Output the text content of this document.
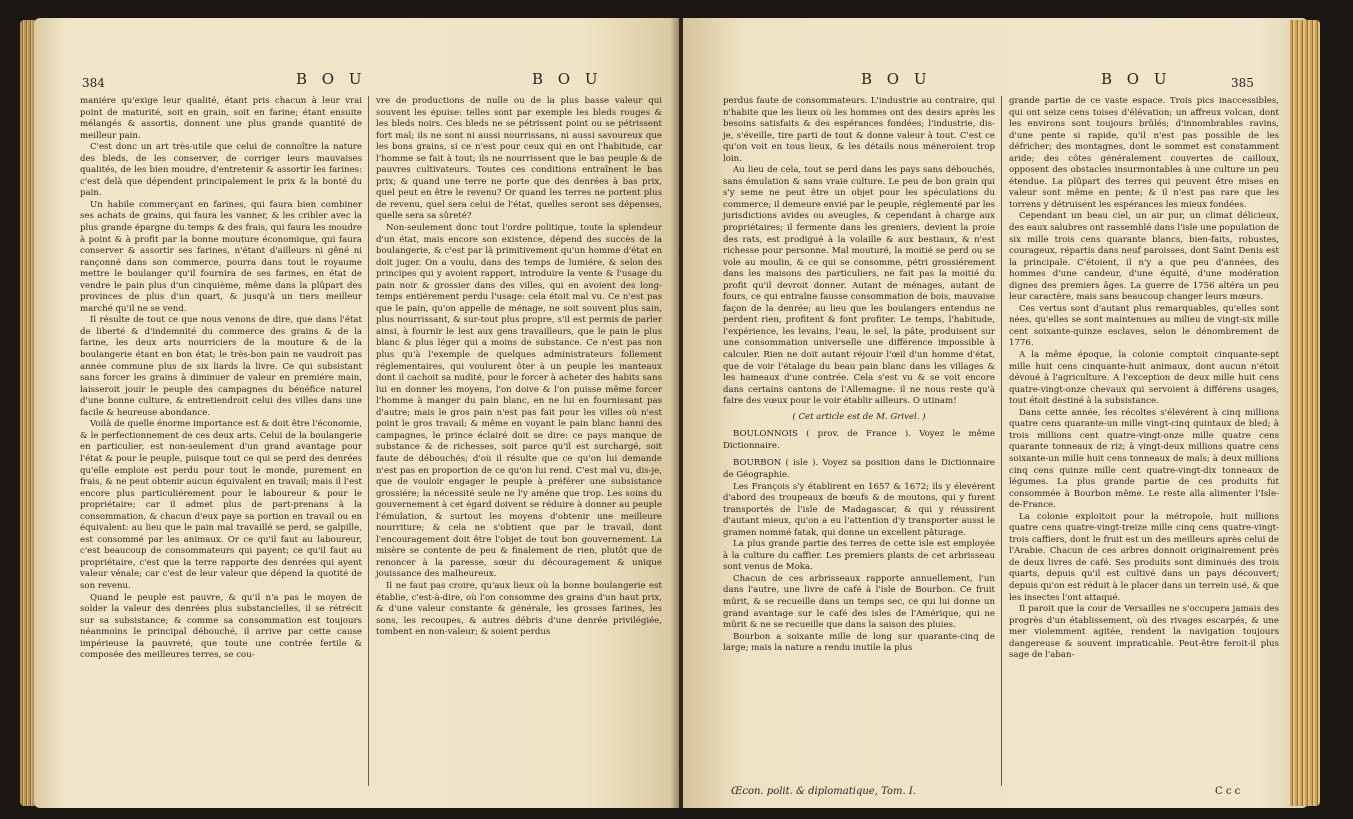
384	B O U	B O U

maniére qu'exige leur qualité, étant pris chacun à leur vrai point de maturité, soit en grain, soit en farine; étant ensuite mélangés & assortis, donnent une plus grande quantité de meilleur pain.

C'est donc un art très-utile que celui de connoître la nature des bleds, de les conserver, de corriger leurs mauvaises qualités, de les bien moudre, d'entretenir & assortir les farines: c'est delà que dépendent principalement le prix & la bonté du pain.

Un habile commerçant en farines, qui faura bien combiner ses achats de grains, qui faura les vanner, & les cribler avec la plus grande épargne du temps & des frais, qui faura les moudre à point & à profit par la bonne mouture économique, qui faura conserver & assortir ses farines, n'étant d'ailleurs ni gêné ni rançonné dans son commerce, pourra dans tout le royaume mettre le boulanger qu'il fournira de ses farines, en état de vendre le pain plus d'un cinquième, même dans la plûpart des provinces de plus d'un quart, & jusqu'à un tiers meilleur marché qu'il ne se vend.

Il résulte de tout ce que nous venons de dire, que dans l'état de liberté & d'indemnité du commerce des grains & de la farine, les deux arts nourriciers de la mouture & de la boulangerie étant en bon état; le très-bon pain ne vaudroit pas année commune plus de six liards la livre. Ce qui subsistant sans forcer les grains à diminuer de valeur en premiére main, laisseroit jouir le peuple des campagnes du bénéfice naturel d'une bonne culture, & entretiendroit celui des villes dans une facile & heureuse abondance.

Voilà de quelle énorme importance est & doit être l'économie, & le perfectionnement de ces deux arts. Celui de la boulangerie en particulier, est non-seulement d'un grand avantage pour l'état & pour le peuple, puisque tout ce qui se perd des denrées qu'elle emploie est perdu pour tout le monde, purement en frais, & ne peut obtenir aucun équivalent en travail; mais il l'est encore plus particuliérement pour le laboureur & pour le propriétaire; car il admet plus de part-prenans à la consommation, & chacun d'eux paye sa portion en travail ou en équivalent: au lieu que le pain mal travaillé se perd, se galpille, est consommé par les animaux. Or ce qu'il faut au laboureur, c'est beaucoup de consommateurs qui payent; ce qu'il faut au propriétaire, c'est que la terre rapporte des denrées qui ayent valeur vénale; car c'est de leur valeur que dépend la quotité de son revenu.

Quand le peuple est pauvre, & qu'il n'a pas le moyen de solder la valeur des denrées plus substancielles, il se rétrécit sur sa subsistance; & comme sa consommation est toujours néanmoins le principal débouché, il arrive par cette cause impérieuse la pauvreté, que toute une contrée fertile & composée des meilleures terres, se cou-

vre de productions de nulle ou de la plus basse valeur qui souvent les épuise: telles sont par exemple les bleds rouges & les bleds noirs. Ces bleds ne se pétrissent point ou se pétrissent fort mal; ils ne sont ni aussi nourrissans, ni aussi savoureux que les bons grains, si ce n'est pour ceux qui en ont l'habitude, car l'homme se fait à tout; ils ne nourrissent que le bas peuple & de pauvres cultivateurs. Toutes ces conditions entraînent le bas prix; & quand une terre ne porte que des denrées à bas prix, quel peut en être le revenu? Or quand les terres ne portent plus de revenu, quel sera celui de l'état, quelles seront ses dépenses, quelle sera sa sûreté?

Non-seulement donc tout l'ordre politique, toute la splendeur d'un état, mais encore son existence, dépend des succès de la boulangerie, & c'est par là primitivement qu'un homme d'état en doit juger. On a voulu, dans des temps de lumiére, & selon des principes qui y avoient rapport, introduire la vente & l'usage du pain noir & grossier dans des villes, qui en avoient des long-temps entiérement perdu l'usage: cela étoit mal vu. Ce n'est pas que le pain, qu'on appelle de ménage, ne soit souvent plus sain, plus nourrissant, & sur-tout plus propre, s'il est permis de parler ainsi, à fournir le lest aux gens travailleurs, que le pain le plus blanc & plus léger qui a moins de substance. Ce n'est pas non plus qu'à l'exemple de quelques administrateurs follement réglementaires, qui voulurent ôter à un peuple les manteaux dont il cachoit sa nudité, pour le forcer à acheter des habits sans lui en donner les moyens, l'on doive & l'on puisse même forcer l'homme à manger du pain blanc, en ne lui en fournissant pas d'autre; mais le gros pain n'est pas fait pour les villes où n'est point le gros travail; & même en voyant le pain blanc banni des campagnes, le prince éclairé doit se dire: ce pays manque de substance & de richesses, soit parce qu'il est surchargé, soit faute de débouchés; d'où il résulte que ce qu'on lui demande n'est pas en proportion de ce qu'on lui rend. C'est mal vu, dis-je, que de vouloir engager le peuple à préférer une subsistance grossiére; la nécessité seule ne l'y améne que trop. Les soins du gouvernement à cet égard doivent se réduire à donner au peuple l'émulation, & surtout les moyens d'obtenir une meilleure nourriture; & cela ne s'obtient que par le travail, dont l'encouragement doit être l'objet de tout bon gouvernement. La misère se contente de peu & finalement de rien, plutôt que de renoncer à la paresse, sœur du découragement & unique jouissance des malheureux.

Il ne faut pas croire, qu'aux lieux où la bonne boulangerie est établie, c'est-à-dire, où l'on consomme des grains d'un haut prix, & d'une valeur constante & générale, les grosses farines, les sons, les recoupes, & autres débris d'une denrée privilégiée, tombent en non-valeur; & soient perdus

B O U	B O U	385

perdus faute de consommateurs. L'industrie au contraire, qui n'habite que les lieux où les hommes ont des desirs après les besoins satisfaits & des espérances fondées; l'industrie, dis-je, s'éveille, tire parti de tout & donne valeur à tout. C'est ce qu'on voit en tous lieux, & les détails nous méneroient trop loin.

Au lieu de cela, tout se perd dans les pays sans débouchés, sans émulation & sans vraie culture. Le peu de bon grain qui s'y seme ne peut être un objet pour les spéculations du commerce; il demeure envié par le peuple, réglementé par les jurisdictions avides ou aveugles, & cependant à charge aux propriétaires; il fermente dans les greniers, devient la proie des rats, est prodigué à la volaille & aux bestiaux, & n'est richesse pour personne. Mal mouturé, la moitié se perd ou se vole au moulin, & ce qui se consomme, pétri grossiérement dans les maisons des particuliers, ne fait pas la moitié du profit qu'il devroit donner. Autant de ménages, autant de fours, ce qui entraîne fausse consommation de bois, mauvaise façon de la denrée; au lieu que les boulangers entendus ne perdent rien, profitent & font profiter. Le temps, l'habitude, l'expérience, les levains, l'eau, le sel, la pâte, produisent sur une consommation universelle une différence impossible à calculer. Rien ne doit autant réjouir l'œil d'un homme d'état, que de voir l'étalage du beau pain blanc dans les villages & les hameaux d'une contrée. Cela s'est vu & se voit encore dans certains cantons de l'Allemagne: il ne nous reste qu'à faire des vœux pour le voir établir ailleurs. O utinam!

( Cet article est de M. Grivel. )

BOULONNOIS ( prov. de France ). Voyez le même Dictionnaire.

BOURBON ( isle ). Voyez sa position dans le Dictionnaire de Géographie.

Les François s'y établirent en 1657 & 1672; ils y élevérent d'abord des troupeaux de bœufs & de moutons, qui y furent transportés de l'isle de Madagascar, & qui y réussirent d'autant mieux, qu'on a eu l'attention d'y transporter aussi le gramen nommé fatak, qui donne un excellent pâturage.

La plus grande partie des terres de cette isle est employée à la culture du caffier. Les premiers plants de cet arbrisseau sont venus de Moka.

Chacun de ces arbrisseaux rapporte annuellement, l'un dans l'autre, une livre de café à l'isle de Bourbon. Ce fruit mûrit, & se recueille dans un temps sec, ce qui lui donne un grand avantage sur le café des isles de l'Amérique, qui ne mûrit & ne se recueille que dans la saison des pluies.

Bourbon a soixante mille de long sur quarante-cinq de large; mais la nature a rendu inutile la plus

grande partie de ce vaste espace. Trois pics inaccessibles, qui ont seize cens toises d'élévation; un affreux volcan, dont les environs sont toujours brûlés; d'innombrables ravins, d'une pente si rapide, qu'il n'est pas possible de les défricher; des montagnes, dont le sommet est constamment aride; des côtes généralement couvertes de cailloux, opposent des obstacles insurmontables à une culture un peu étendue. La plûpart des terres qui peuvent être mises en valeur sont même en pente; & il n'est pas rare que les torrens y détruisent les espérances les mieux fondées.

Cependant un beau ciel, un air pur, un climat délicieux, des eaux salubres ont rassemblé dans l'isle une population de six mille trois cens quarante blancs, bien-faits, robustes, courageux, répartis dans neuf paroisses, dont Saint Denis est la principale. C'étoient, il n'y a que peu d'années, des hommes d'une candeur, d'une équité, d'une modération dignes des premiers âges. La guerre de 1756 altéra un peu leur caractère, mais sans beaucoup changer leurs mœurs.

Ces vertus sont d'autant plus remarquables, qu'elles sont nées, qu'elles se sont maintenues au milieu de vingt-six mille cent soixante-quinze esclaves, selon le dénombrement de 1776.

A la même époque, la colonie comptoit cinquante-sept mille huit cens cinquante-huit animaux, dont aucun n'étoit dévoué à l'agriculture. A l'exception de deux mille huit cens quatre-vingt-onze chevaux qui servoient à différens usages, tout étoit destiné à la subsistance.

Dans cette année, les récoltes s'élevérent à cinq millions quatre cens quarante-un mille vingt-cinq quintaux de bled; à trois millions cent quatre-vingt-onze mille quatre cens quarante tonneaux de riz; à vingt-deux millions quatre cens soixante-un mille huit cens tonneaux de maïs; à deux millions cinq cens quinze mille cent quatre-vingt-dix tonneaux de légumes. La plus grande partie de ces produits fut consommée à Bourbon même. Le reste alla alimenter l'Isle-de-France.

La colonie exploitoit pour la métropole, huit millions quatre cens quatre-vingt-treize mille cinq cens quatre-vingt-trois caffiers, dont le fruit est un des meilleurs après celui de l'Arabie. Chacun de ces arbres donnoit originairement près de deux livres de café. Ses produits sont diminués des trois quarts, depuis qu'il est cultivé dans un pays découvert; depuis qu'on est réduit à le placer dans un terrein usé, & que les insectes l'ont attaqué.

Il paroit que la cour de Versailles ne s'occupera jamais des progrès d'un établissement, où des rivages escarpés, & une mer violemment agitée, rendent la navigation toujours dangereuse & souvent impraticable. Peut-être feroit-il plus sage de l'aban-

Œcon. polit. & diplomatique, Tom. I.	C c c
